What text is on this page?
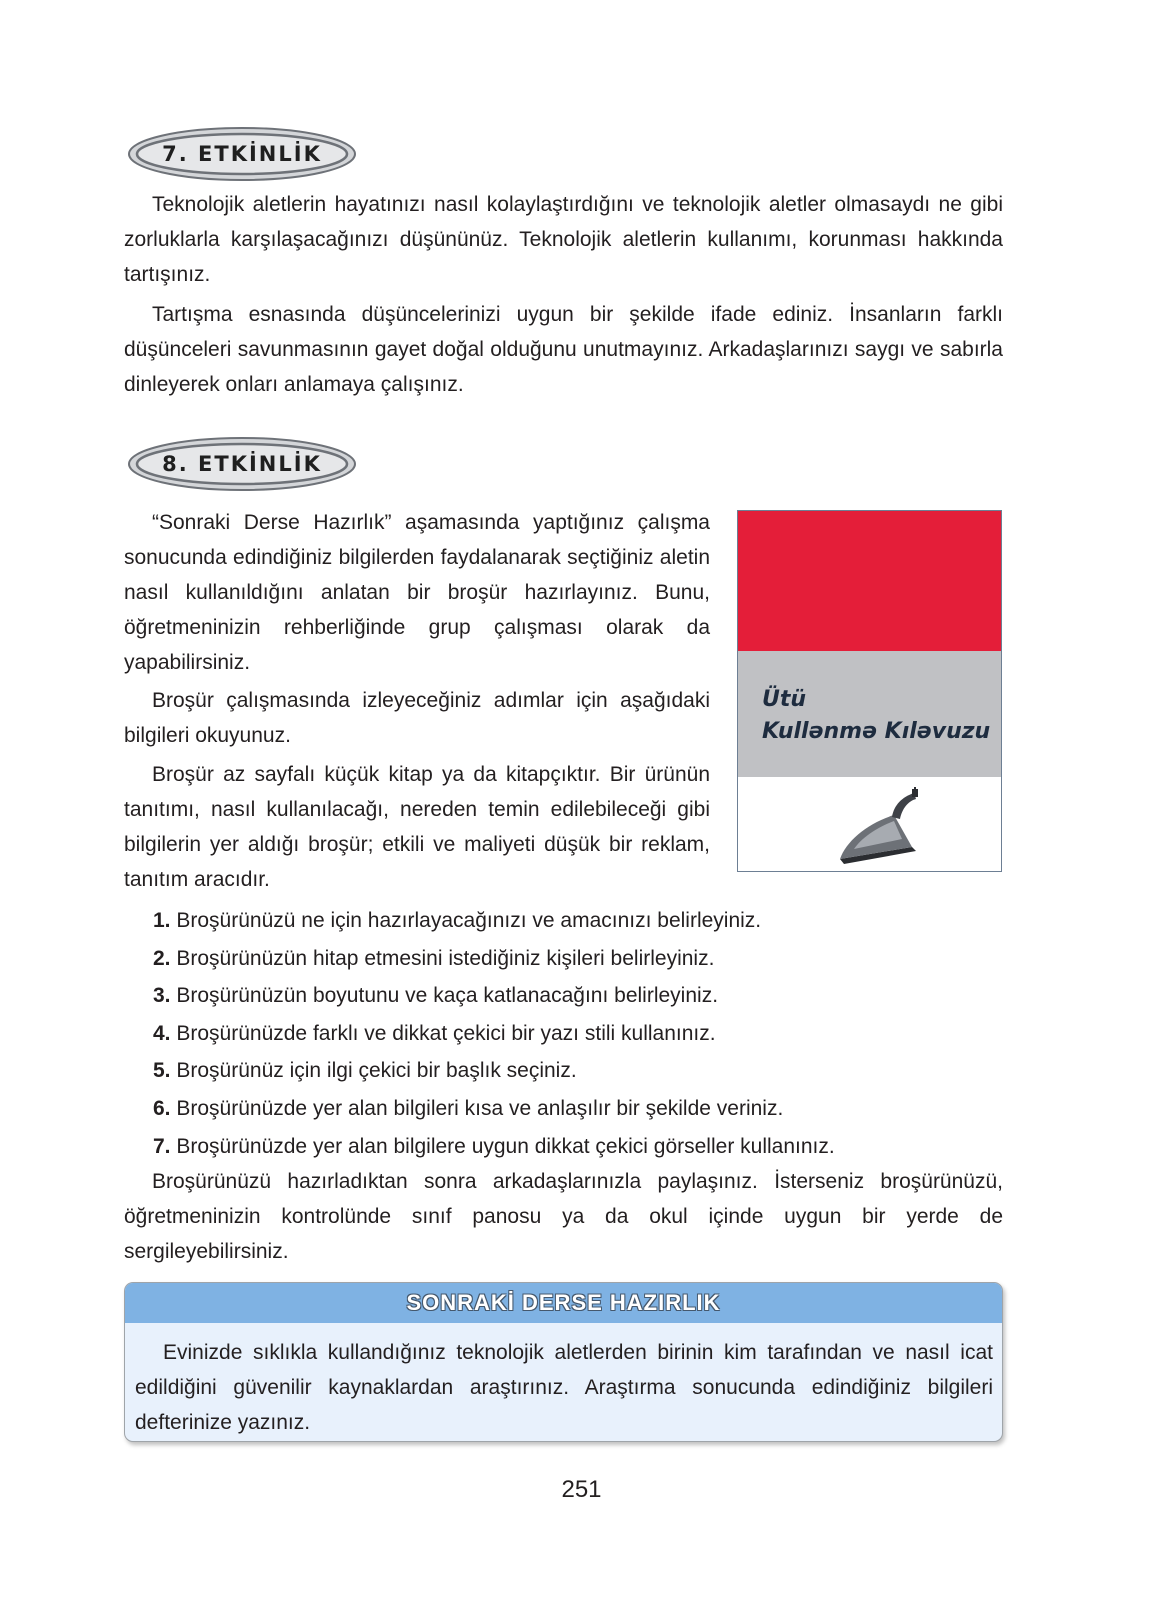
7. ETKİNLİK

Teknolojik aletlerin hayatınızı nasıl kolaylaştırdığını ve teknolojik aletler olmasaydı ne gibi zorluklarla karşılaşacağınızı düşününüz. Teknolojik aletlerin kullanımı, korunması hakkında tartışınız.

Tartışma esnasında düşüncelerinizi uygun bir şekilde ifade ediniz. İnsanların farklı düşünceleri savunmasının gayet doğal olduğunu unutmayınız. Arkadaşlarınızı saygı ve sabırla dinleyerek onları anlamaya çalışınız.

8. ETKİNLİK

“Sonraki Derse Hazırlık” aşamasında yaptığınız çalışma sonucunda edindiğiniz bilgilerden faydalanarak seçtiğiniz aletin nasıl kullanıldığını anlatan bir broşür hazırlayınız. Bunu, öğretmeninizin rehberliğinde grup çalışması olarak da yapabilirsiniz.

Broşür çalışmasında izleyeceğiniz adımlar için aşağıdaki bilgileri okuyunuz.

Broşür az sayfalı küçük kitap ya da kitapçıktır. Bir ürünün tanıtımı, nasıl kullanılacağı, nereden temin edilebileceği gibi bilgilerin yer aldığı broşür; etkili ve maliyeti düşük bir reklam, tanıtım aracıdır.

Ütü
Kullənmə Kıləvuzu
1. Broşürünüzü ne için hazırlayacağınızı ve amacınızı belirleyiniz.
2. Broşürünüzün hitap etmesini istediğiniz kişileri belirleyiniz.
3. Broşürünüzün boyutunu ve kaça katlanacağını belirleyiniz.
4. Broşürünüzde farklı ve dikkat çekici bir yazı stili kullanınız.
5. Broşürünüz için ilgi çekici bir başlık seçiniz.
6. Broşürünüzde yer alan bilgileri kısa ve anlaşılır bir şekilde veriniz.
7. Broşürünüzde yer alan bilgilere uygun dikkat çekici görseller kullanınız.

Broşürünüzü hazırladıktan sonra arkadaşlarınızla paylaşınız. İsterseniz broşürünüzü, öğretmeninizin kontrolünde sınıf panosu ya da okul içinde uygun bir yerde de sergileyebilirsiniz.

SONRAKİ DERSE HAZIRLIK

Evinizde sıklıkla kullandığınız teknolojik aletlerden birinin kim tarafından ve nasıl icat edildiğini güvenilir kaynaklardan araştırınız. Araştırma sonucunda edindiğiniz bilgileri defterinize yazınız.

251
